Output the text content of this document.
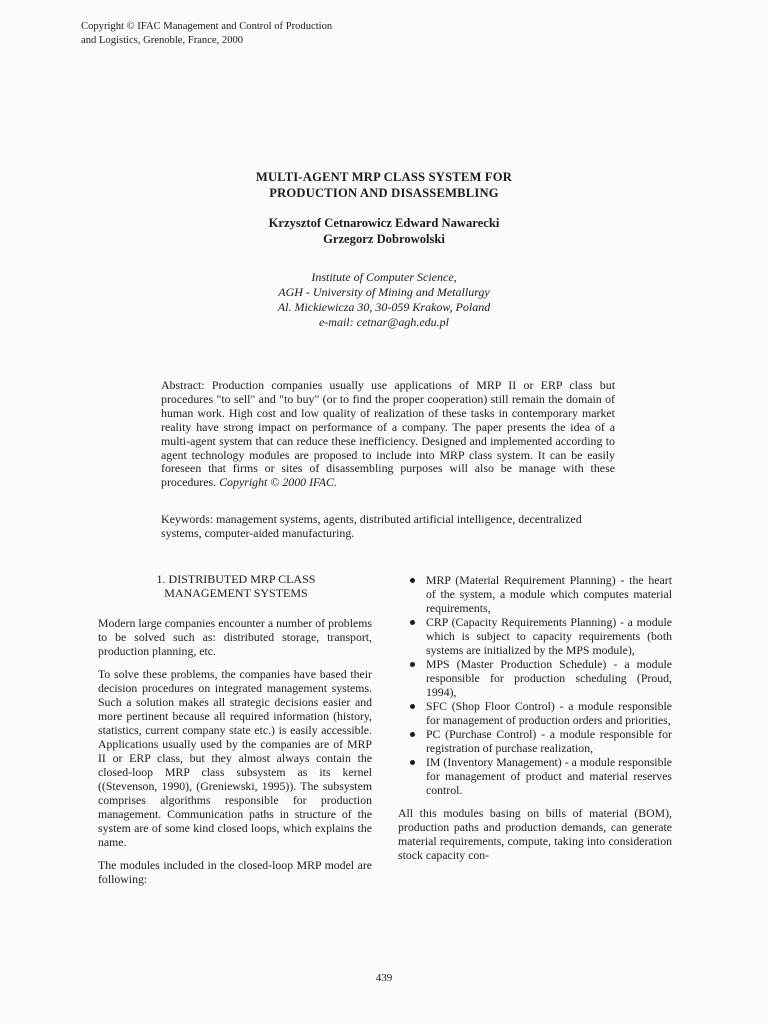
Copyright © IFAC Management and Control of Production
and Logistics, Grenoble, France, 2000
MULTI-AGENT MRP CLASS SYSTEM FOR
PRODUCTION AND DISASSEMBLING
Krzysztof Cetnarowicz Edward Nawarecki
Grzegorz Dobrowolski
Institute of Computer Science,
AGH - University of Mining and Metallurgy
Al. Mickiewicza 30, 30-059 Krakow, Poland
e-mail: cetnar@agh.edu.pl
Abstract: Production companies usually use applications of MRP II or ERP class but procedures "to sell" and "to buy" (or to find the proper cooperation) still remain the domain of human work. High cost and low quality of realization of these tasks in contemporary market reality have strong impact on performance of a company. The paper presents the idea of a multi-agent system that can reduce these inefficiency. Designed and implemented according to agent technology modules are proposed to include into MRP class system. It can be easily foreseen that firms or sites of disassembling purposes will also be manage with these procedures. Copyright © 2000 IFAC.
Keywords: management systems, agents, distributed artificial intelligence, decentralized systems, computer-aided manufacturing.
1. DISTRIBUTED MRP CLASS
MANAGEMENT SYSTEMS

Modern large companies encounter a number of problems to be solved such as: distributed storage, transport, production planning, etc.

To solve these problems, the companies have based their decision procedures on integrated management systems. Such a solution makes all strategic decisions easier and more pertinent because all required information (history, statistics, current company state etc.) is easily accessible. Applications usually used by the companies are of MRP II or ERP class, but they almost always contain the closed-loop MRP class subsystem as its kernel ((Stevenson, 1990), (Greniewski, 1995)). The subsystem comprises algorithms responsible for production management. Communication paths in structure of the system are of some kind closed loops, which explains the name.

The modules included in the closed-loop MRP model are following:

MRP (Material Requirement Planning) - the heart of the system, a module which computes material requirements,
CRP (Capacity Requirements Planning) - a module which is subject to capacity requirements (both systems are initialized by the MPS module),
MPS (Master Production Schedule) - a module responsible for production scheduling (Proud, 1994),
SFC (Shop Floor Control) - a module responsible for management of production orders and priorities,
PC (Purchase Control) - a module responsible for registration of purchase realization,
IM (Inventory Management) - a module responsible for management of product and material reserves control.

All this modules basing on bills of material (BOM), production paths and production demands, can generate material requirements, compute, taking into consideration stock capacity con-

439
